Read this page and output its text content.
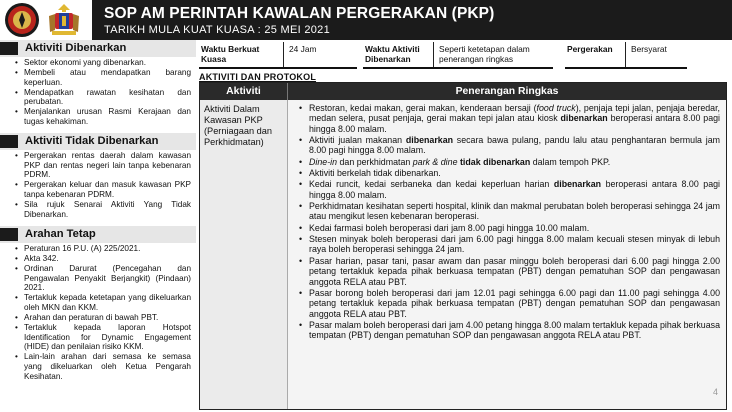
SOP AM PERINTAH KAWALAN PERGERAKAN (PKP)
TARIKH MULA KUAT KUASA : 25 MEI 2021
Aktiviti Dibenarkan
• Sektor ekonomi yang dibenarkan.
• Membeli atau mendapatkan barang keperluan.
• Mendapatkan rawatan kesihatan dan perubatan.
• Menjalankan urusan Rasmi Kerajaan dan tugas kehakiman.
Aktiviti Tidak Dibenarkan
• Pergerakan rentas daerah dalam kawasan PKP dan rentas negeri lain tanpa kebenaran PDRM.
• Pergerakan keluar dan masuk kawasan PKP tanpa kebenaran PDRM.
• Sila rujuk Senarai Aktiviti Yang Tidak Dibenarkan.
Arahan Tetap
• Peraturan 16 P.U. (A) 225/2021.
• Akta 342.
• Ordinan Darurat (Pencegahan dan Pengawalan Penyakit Berjangkit) (Pindaan) 2021.
• Tertakluk kepada ketetapan yang dikeluarkan oleh MKN dan KKM.
• Arahan dan peraturan di bawah PBT.
• Tertakluk kepada laporan Hotspot Identification for Dynamic Engagement (HIDE) dan penilaian risiko KKM.
• Lain-lain arahan dari semasa ke semasa yang dikeluarkan oleh Ketua Pengarah Kesihatan.
Waktu Berkuat
Kuasa
24 Jam	Waktu Aktiviti
Dibenarkan
Seperti ketetapan dalam
penerangan ringkas
Pergerakan Bersyarat
AKTIVITI DAN PROTOKOL
Aktiviti	Penerangan Ringkas
Aktiviti Dalam Kawasan PKP (Perniagaan dan Perkhidmatan)
• Restoran, kedai makan, gerai makan, kenderaan bersaji (food truck), penjaja tepi jalan, penjaja beredar, medan selera, pusat penjaja, gerai makan tepi jalan atau kiosk dibenarkan beroperasi antara 8.00 pagi hingga 8.00 malam.
• Aktiviti jualan makanan dibenarkan secara bawa pulang, pandu lalu atau penghantaran bermula jam 8.00 pagi hingga 8.00 malam.
• Dine-in dan perkhidmatan park & dine tidak dibenarkan dalam tempoh PKP.
• Aktiviti berkelah tidak dibenarkan.
• Kedai runcit, kedai serbaneka dan kedai keperluan harian dibenarkan beroperasi antara 8.00 pagi hingga 8.00 malam.
• Perkhidmatan kesihatan seperti hospital, klinik dan makmal perubatan boleh beroperasi sehingga 24 jam atau mengikut lesen kebenaran beroperasi.
• Kedai farmasi boleh beroperasi dari jam 8.00 pagi hingga 10.00 malam.
• Stesen minyak boleh beroperasi dari jam 6.00 pagi hingga 8.00 malam kecuali stesen minyak di lebuh raya boleh beroperasi sehingga 24 jam.
• Pasar harian, pasar tani, pasar awam dan pasar minggu boleh beroperasi dari 6.00 pagi hingga 2.00 petang tertakluk kepada pihak berkuasa tempatan (PBT) dengan pematuhan SOP dan pengawasan anggota RELA atau PBT.
• Pasar borong boleh beroperasi dari jam 12.01 pagi sehingga 6.00 pagi dan 11.00 pagi sehingga 4.00 petang tertakluk kepada pihak berkuasa tempatan (PBT) dengan pematuhan SOP dan pengawasan anggota RELA atau PBT.
• Pasar malam boleh beroperasi dari jam 4.00 petang hingga 8.00 malam tertakluk kepada pihak berkuasa tempatan (PBT) dengan pematuhan SOP dan pengawasan anggota RELA atau PBT.
4
